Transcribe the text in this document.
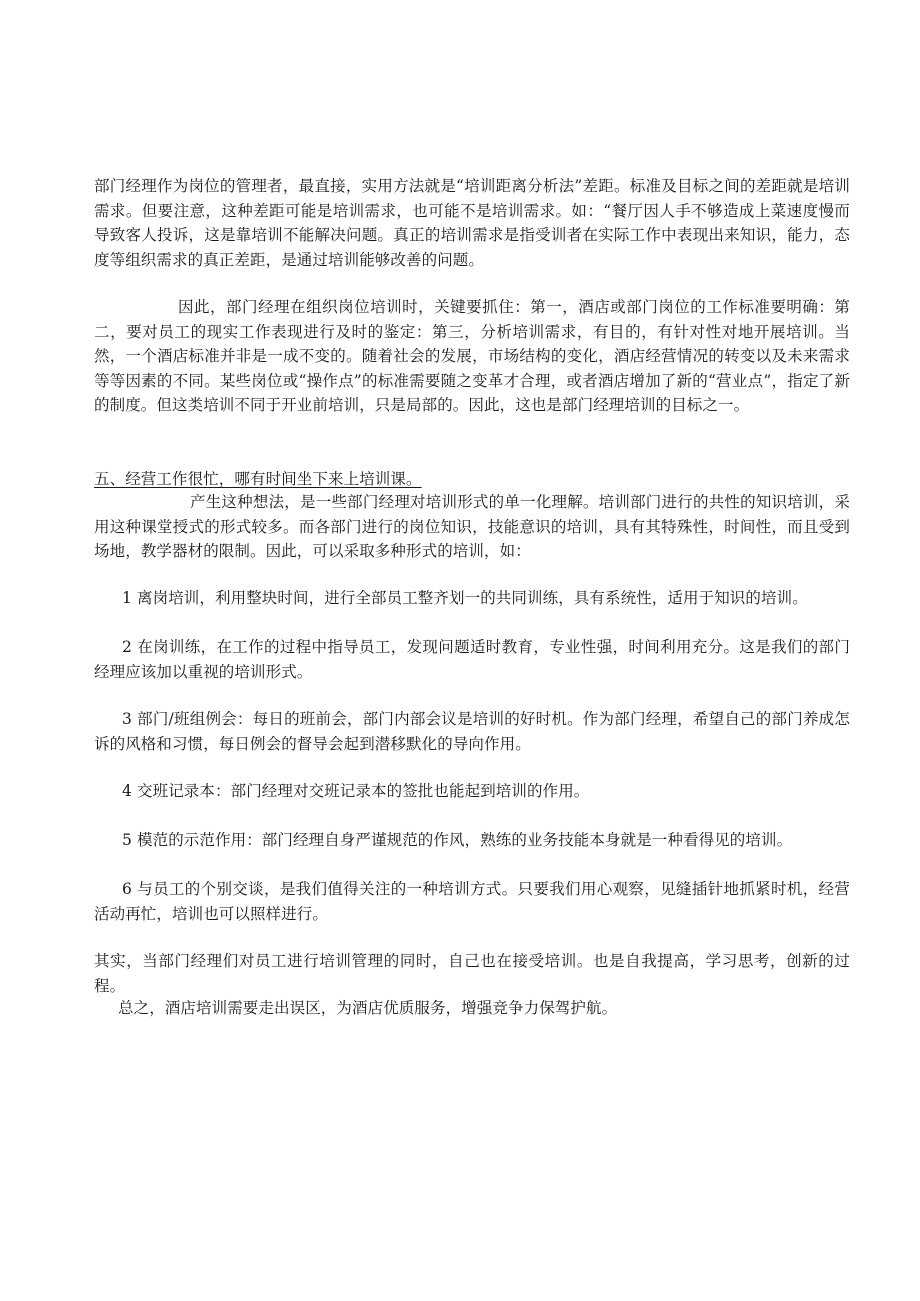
部门经理作为岗位的管理者，最直接，实用方法就是“培训距离分析法”差距。标准及目标之间的差距就是培训需求。但要注意，这种差距可能是培训需求，也可能不是培训需求。如：“餐厅因人手不够造成上菜速度慢而导致客人投诉，这是靠培训不能解决问题。真正的培训需求是指受训者在实际工作中表现出来知识，能力，态度等组织需求的真正差距，是通过培训能够改善的问题。

因此，部门经理在组织岗位培训时，关键要抓住：第一，酒店或部门岗位的工作标准要明确：第二，要对员工的现实工作表现进行及时的鉴定：第三，分析培训需求，有目的，有针对性对地开展培训。当然，一个酒店标准并非是一成不变的。随着社会的发展，市场结构的变化，酒店经营情况的转变以及未来需求等等因素的不同。某些岗位或“操作点”的标准需要随之变革才合理，或者酒店增加了新的“营业点”，指定了新的制度。但这类培训不同于开业前培训，只是局部的。因此，这也是部门经理培训的目标之一。

五、经营工作很忙，哪有时间坐下来上培训课。

产生这种想法，是一些部门经理对培训形式的单一化理解。培训部门进行的共性的知识培训，采用这种课堂授式的形式较多。而各部门进行的岗位知识，技能意识的培训，具有其特殊性，时间性，而且受到场地，教学器材的限制。因此，可以采取多种形式的培训，如：

1 离岗培训，利用整块时间，进行全部员工整齐划一的共同训练，具有系统性，适用于知识的培训。

2 在岗训练，在工作的过程中指导员工，发现问题适时教育，专业性强，时间利用充分。这是我们的部门经理应该加以重视的培训形式。

3 部门/班组例会：每日的班前会，部门内部会议是培训的好时机。作为部门经理，希望自己的部门养成怎诉的风格和习惯，每日例会的督导会起到潜移默化的导向作用。

4 交班记录本：部门经理对交班记录本的签批也能起到培训的作用。

5 模范的示范作用：部门经理自身严谨规范的作风，熟练的业务技能本身就是一种看得见的培训。

6 与员工的个别交谈，是我们值得关注的一种培训方式。只要我们用心观察，见缝插针地抓紧时机，经营活动再忙，培训也可以照样进行。

其实，当部门经理们对员工进行培训管理的同时，自己也在接受培训。也是自我提高，学习思考，创新的过程。

总之，酒店培训需要走出误区，为酒店优质服务，增强竞争力保驾护航。
